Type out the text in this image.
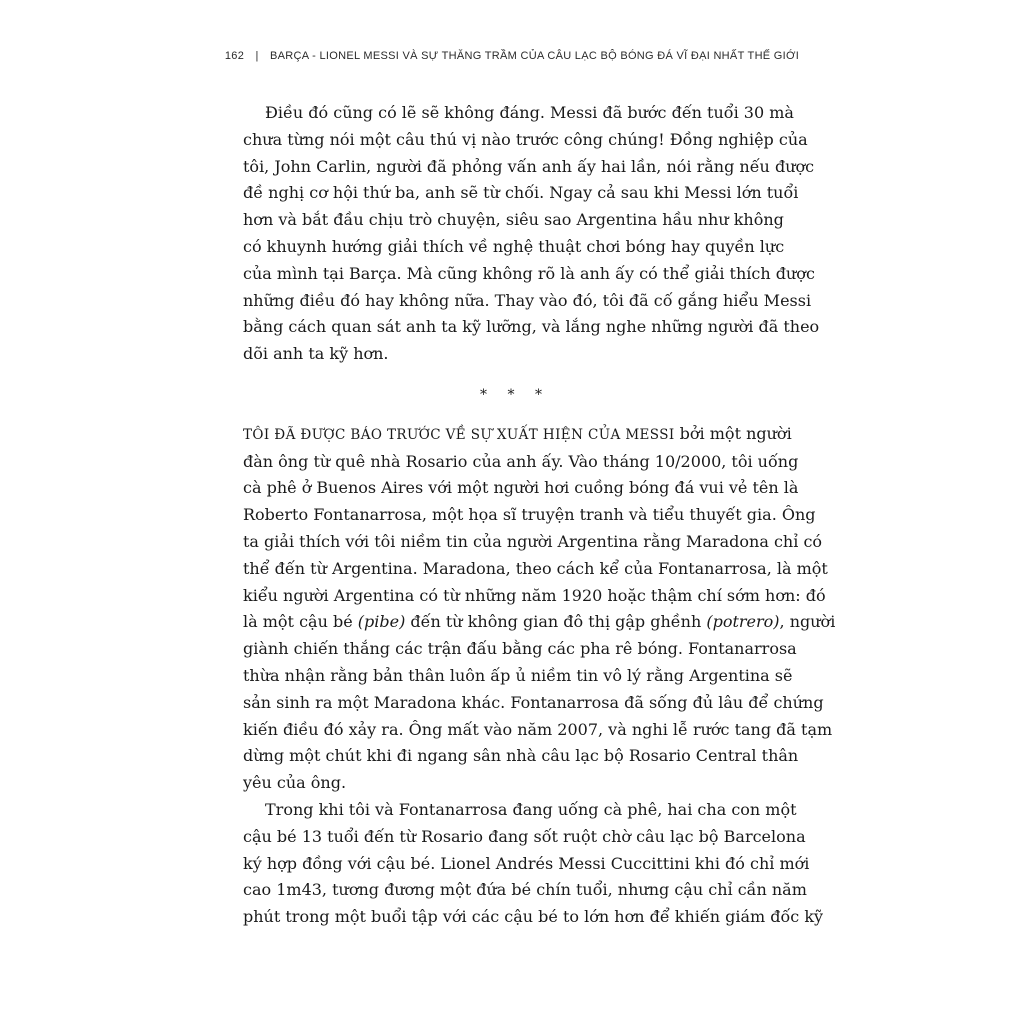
162 | BARÇA - LIONEL MESSI VÀ SỰ THĂNG TRẦM CỦA CÂU LẠC BỘ BÓNG ĐÁ VĨ ĐẠI NHẤT THẾ GIỚI

Điều đó cũng có lẽ sẽ không đáng. Messi đã bước đến tuổi 30 mà
chưa từng nói một câu thú vị nào trước công chúng! Đồng nghiệp của
tôi, John Carlin, người đã phỏng vấn anh ấy hai lần, nói rằng nếu được
đề nghị cơ hội thứ ba, anh sẽ từ chối. Ngay cả sau khi Messi lớn tuổi
hơn và bắt đầu chịu trò chuyện, siêu sao Argentina hầu như không
có khuynh hướng giải thích về nghệ thuật chơi bóng hay quyền lực
của mình tại Barça. Mà cũng không rõ là anh ấy có thể giải thích được
những điều đó hay không nữa. Thay vào đó, tôi đã cố gắng hiểu Messi
bằng cách quan sát anh ta kỹ lưỡng, và lắng nghe những người đã theo
dõi anh ta kỹ hơn.

* * *

TÔI ĐÃ ĐƯỢC BÁO TRƯỚC VỀ SỰ XUẤT HIỆN CỦA MESSI bởi một người
đàn ông từ quê nhà Rosario của anh ấy. Vào tháng 10/2000, tôi uống
cà phê ở Buenos Aires với một người hơi cuồng bóng đá vui vẻ tên là
Roberto Fontanarrosa, một họa sĩ truyện tranh và tiểu thuyết gia. Ông
ta giải thích với tôi niềm tin của người Argentina rằng Maradona chỉ có
thể đến từ Argentina. Maradona, theo cách kể của Fontanarrosa, là một
kiểu người Argentina có từ những năm 1920 hoặc thậm chí sớm hơn: đó
là một cậu bé (pibe) đến từ không gian đô thị gập ghềnh (potrero), người
giành chiến thắng các trận đấu bằng các pha rê bóng. Fontanarrosa
thừa nhận rằng bản thân luôn ấp ủ niềm tin vô lý rằng Argentina sẽ
sản sinh ra một Maradona khác. Fontanarrosa đã sống đủ lâu để chứng
kiến điều đó xảy ra. Ông mất vào năm 2007, và nghi lễ rước tang đã tạm
dừng một chút khi đi ngang sân nhà câu lạc bộ Rosario Central thân
yêu của ông.

Trong khi tôi và Fontanarrosa đang uống cà phê, hai cha con một
cậu bé 13 tuổi đến từ Rosario đang sốt ruột chờ câu lạc bộ Barcelona
ký hợp đồng với cậu bé. Lionel Andrés Messi Cuccittini khi đó chỉ mới
cao 1m43, tương đương một đứa bé chín tuổi, nhưng cậu chỉ cần năm
phút trong một buổi tập với các cậu bé to lớn hơn để khiến giám đốc kỹ
